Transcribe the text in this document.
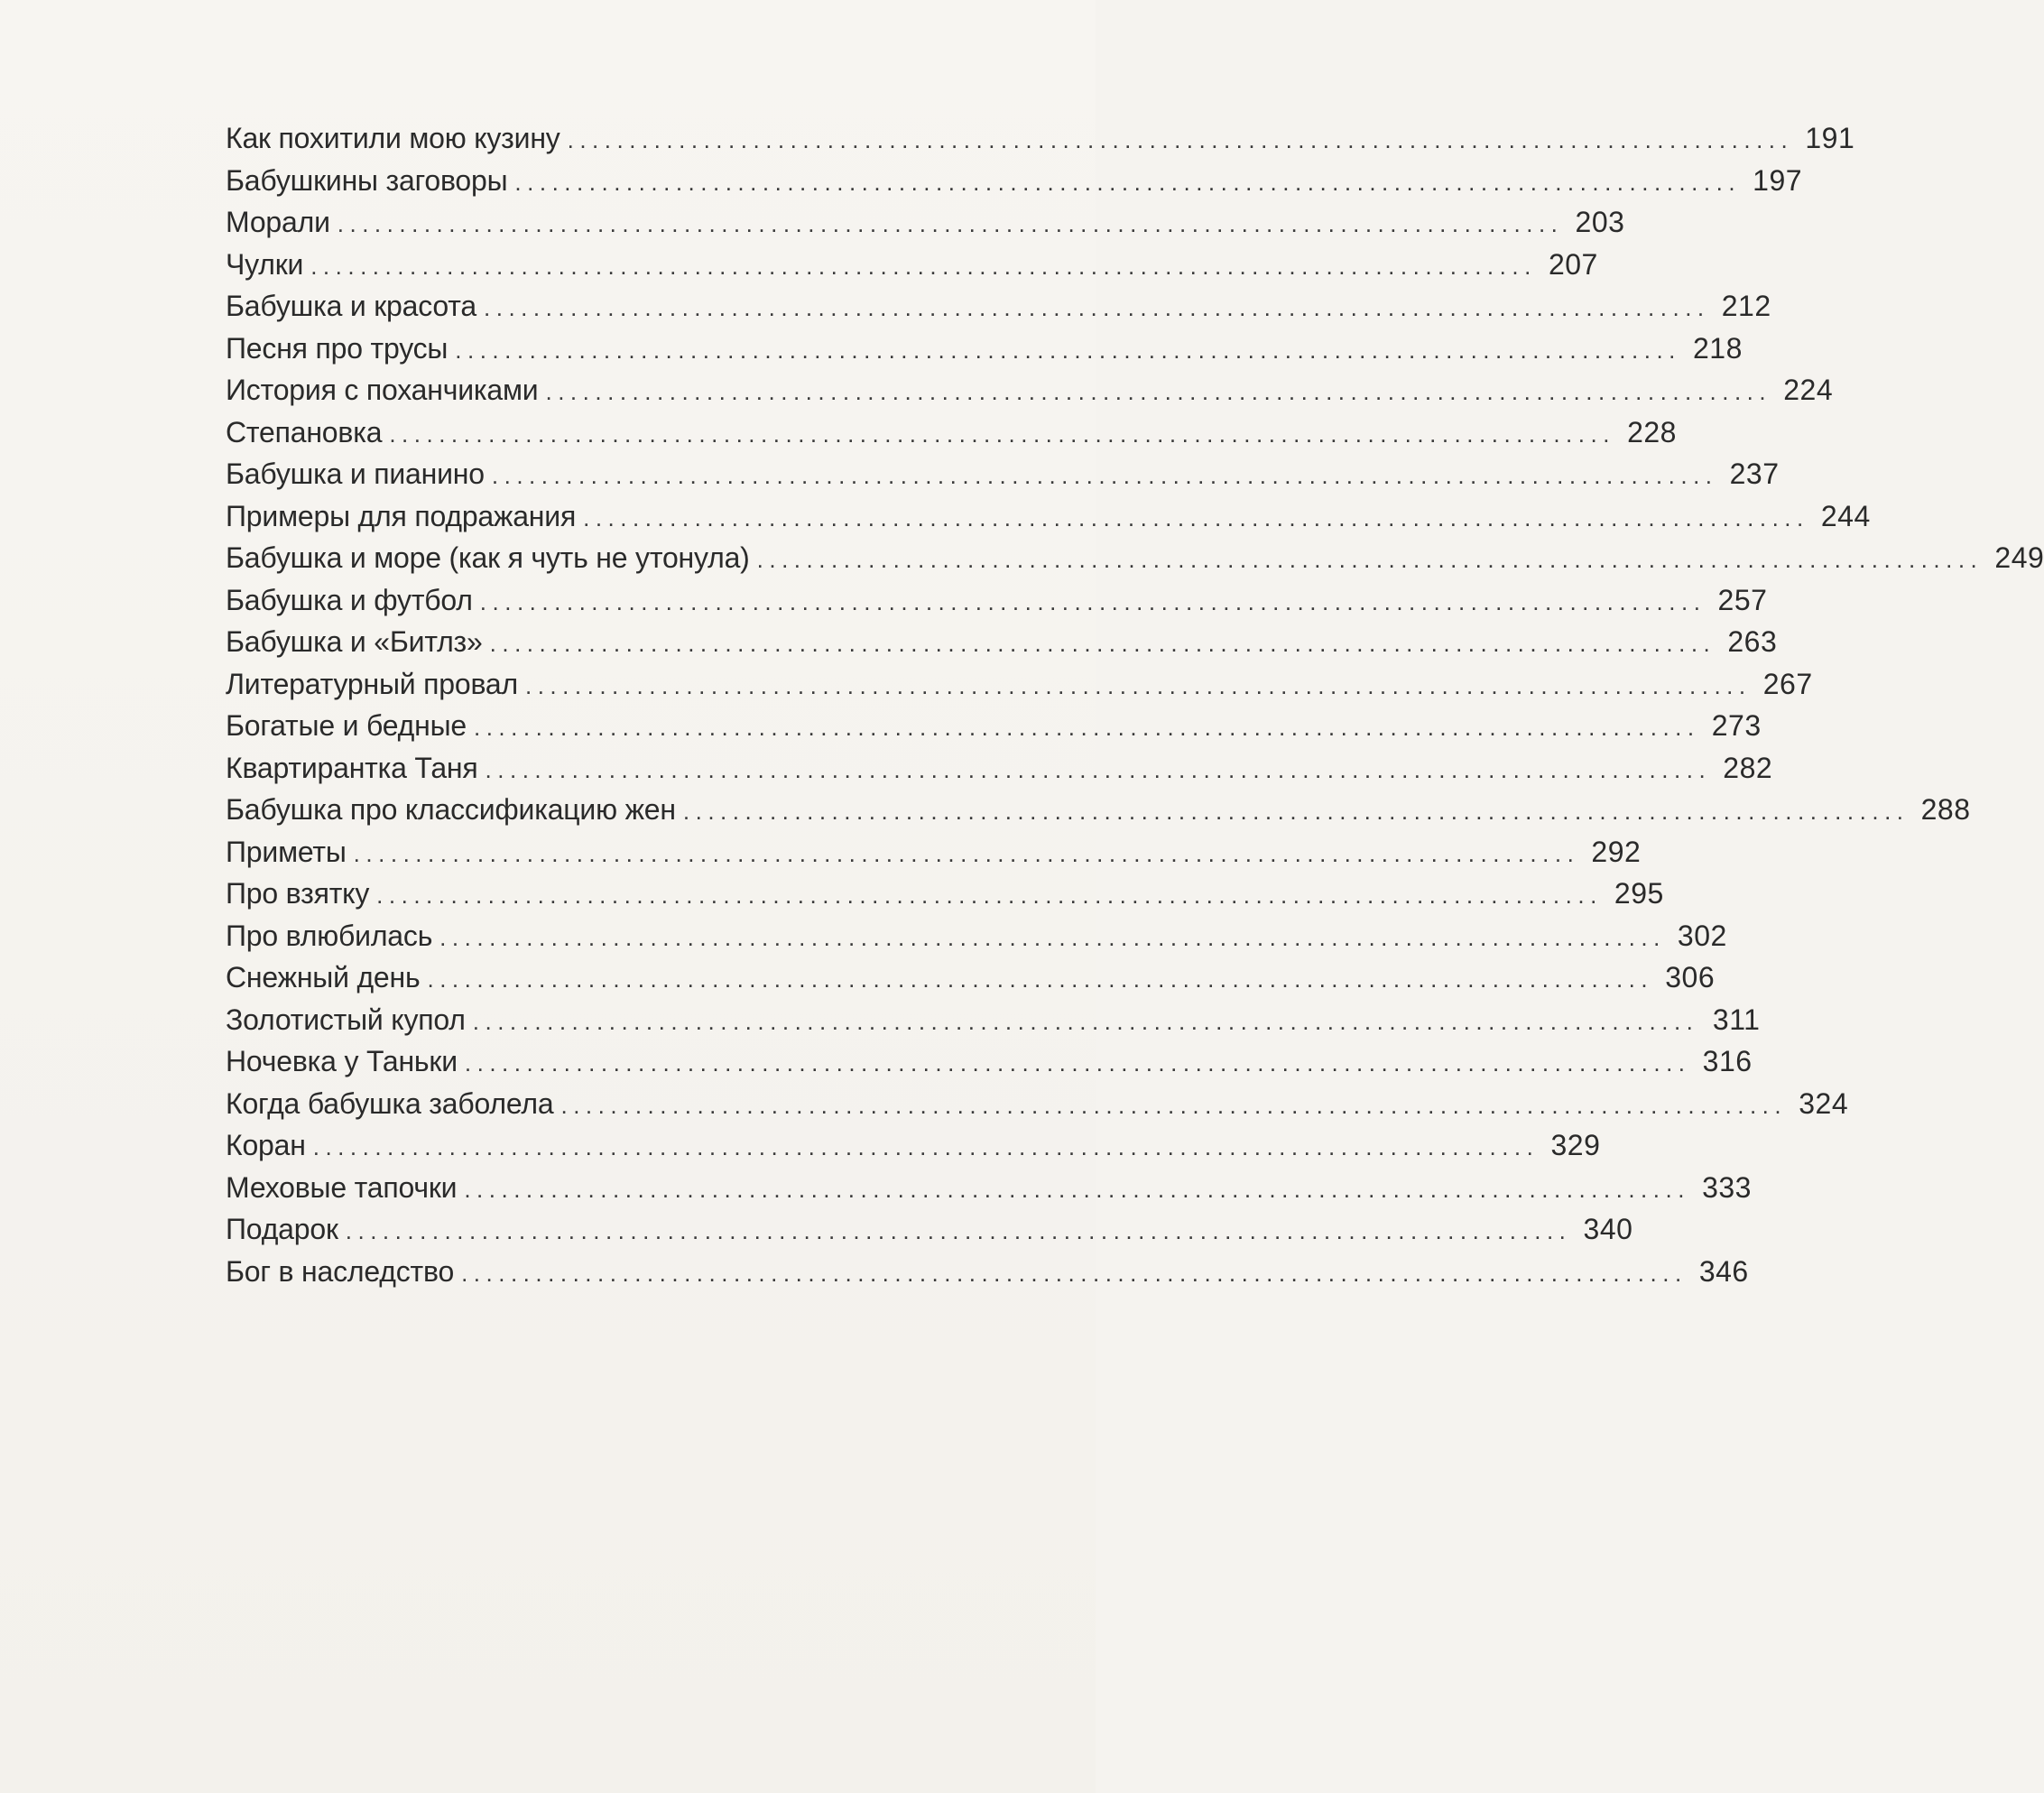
Как похитили мою кузину ................................................................................................... 191
Бабушкины заговоры ................................................................................................... 197
Морали ................................................................................................... 203
Чулки ................................................................................................... 207
Бабушка и красота ................................................................................................... 212
Песня про трусы ................................................................................................... 218
История с поханчиками ................................................................................................... 224
Степановка ................................................................................................... 228
Бабушка и пианино ................................................................................................... 237
Примеры для подражания ................................................................................................... 244
Бабушка и море (как я чуть не утонула) ................................................................................................... 249
Бабушка и футбол ................................................................................................... 257
Бабушка и «Битлз» ................................................................................................... 263
Литературный провал ................................................................................................... 267
Богатые и бедные ................................................................................................... 273
Квартирантка Таня ................................................................................................... 282
Бабушка про классификацию жен ................................................................................................... 288
Приметы ................................................................................................... 292
Про взятку ................................................................................................... 295
Про влюбилась ................................................................................................... 302
Снежный день ................................................................................................... 306
Золотистый купол ................................................................................................... 311
Ночевка у Таньки ................................................................................................... 316
Когда бабушка заболела ................................................................................................... 324
Коран ................................................................................................... 329
Меховые тапочки ................................................................................................... 333
Подарок ................................................................................................... 340
Бог в наследство ................................................................................................... 346
